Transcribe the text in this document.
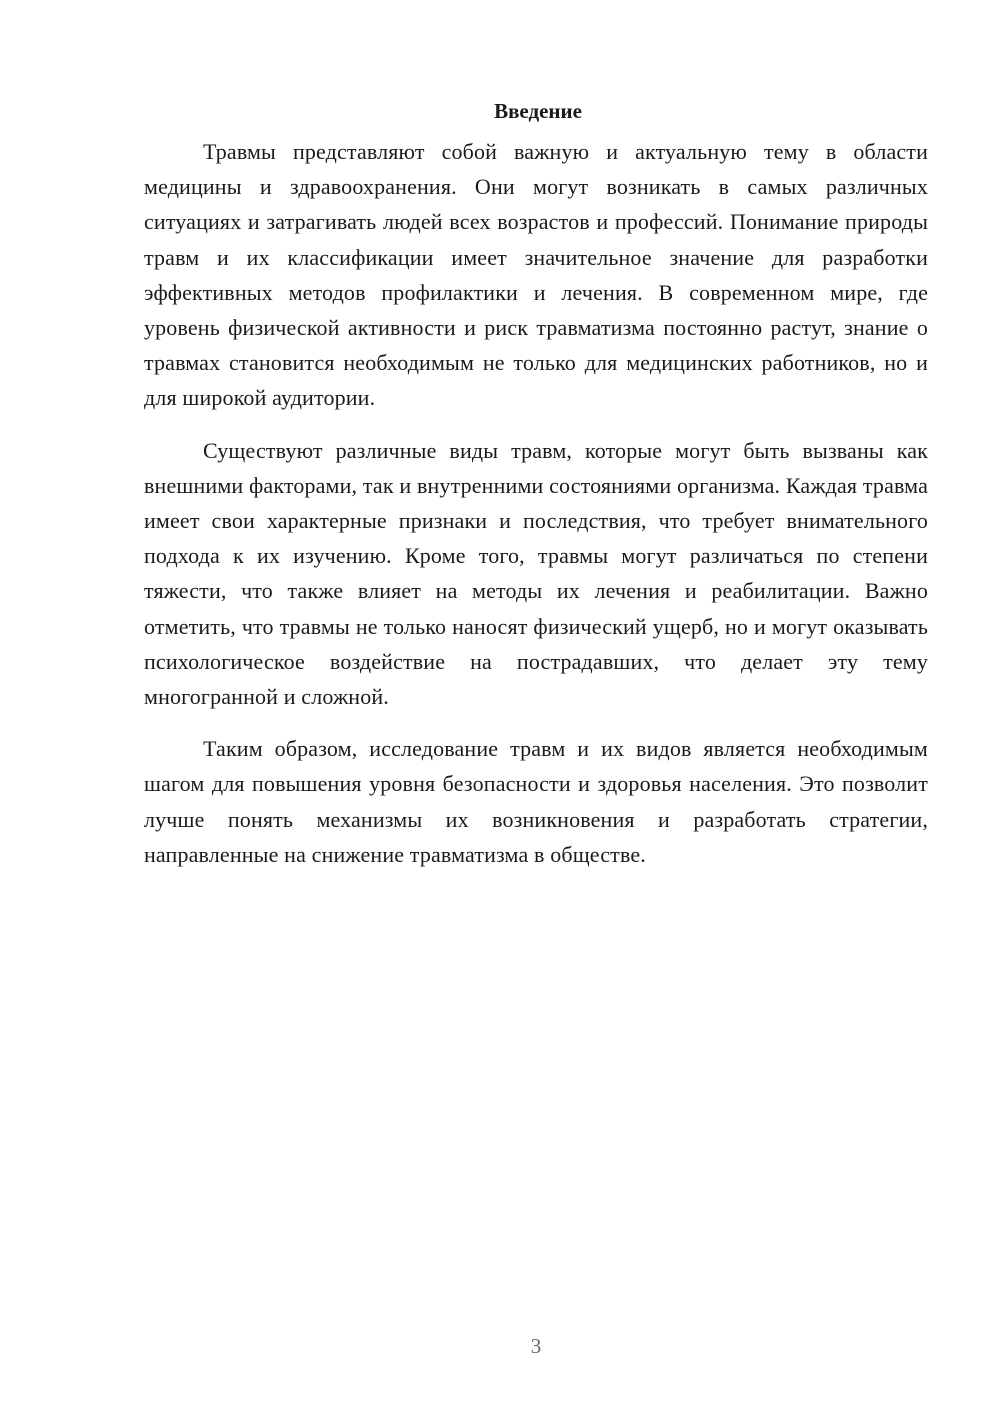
Введение

Травмы представляют собой важную и актуальную тему в области медицины и здравоохранения. Они могут возникать в самых различных ситуациях и затрагивать людей всех возрастов и профессий. Понимание природы травм и их классификации имеет значительное значение для разработки эффективных методов профилактики и лечения. В современном мире, где уровень физической активности и риск травматизма постоянно растут, знание о травмах становится необходимым не только для медицинских работников, но и для широкой аудитории.

Существуют различные виды травм, которые могут быть вызваны как внешними факторами, так и внутренними состояниями организма. Каждая травма имеет свои характерные признаки и последствия, что требует внимательного подхода к их изучению. Кроме того, травмы могут различаться по степени тяжести, что также влияет на методы их лечения и реабилитации. Важно отметить, что травмы не только наносят физический ущерб, но и могут оказывать психологическое воздействие на пострадавших, что делает эту тему многогранной и сложной.

Таким образом, исследование травм и их видов является необходимым шагом для повышения уровня безопасности и здоровья населения. Это позволит лучше понять механизмы их возникновения и разработать стратегии, направленные на снижение травматизма в обществе.

3
